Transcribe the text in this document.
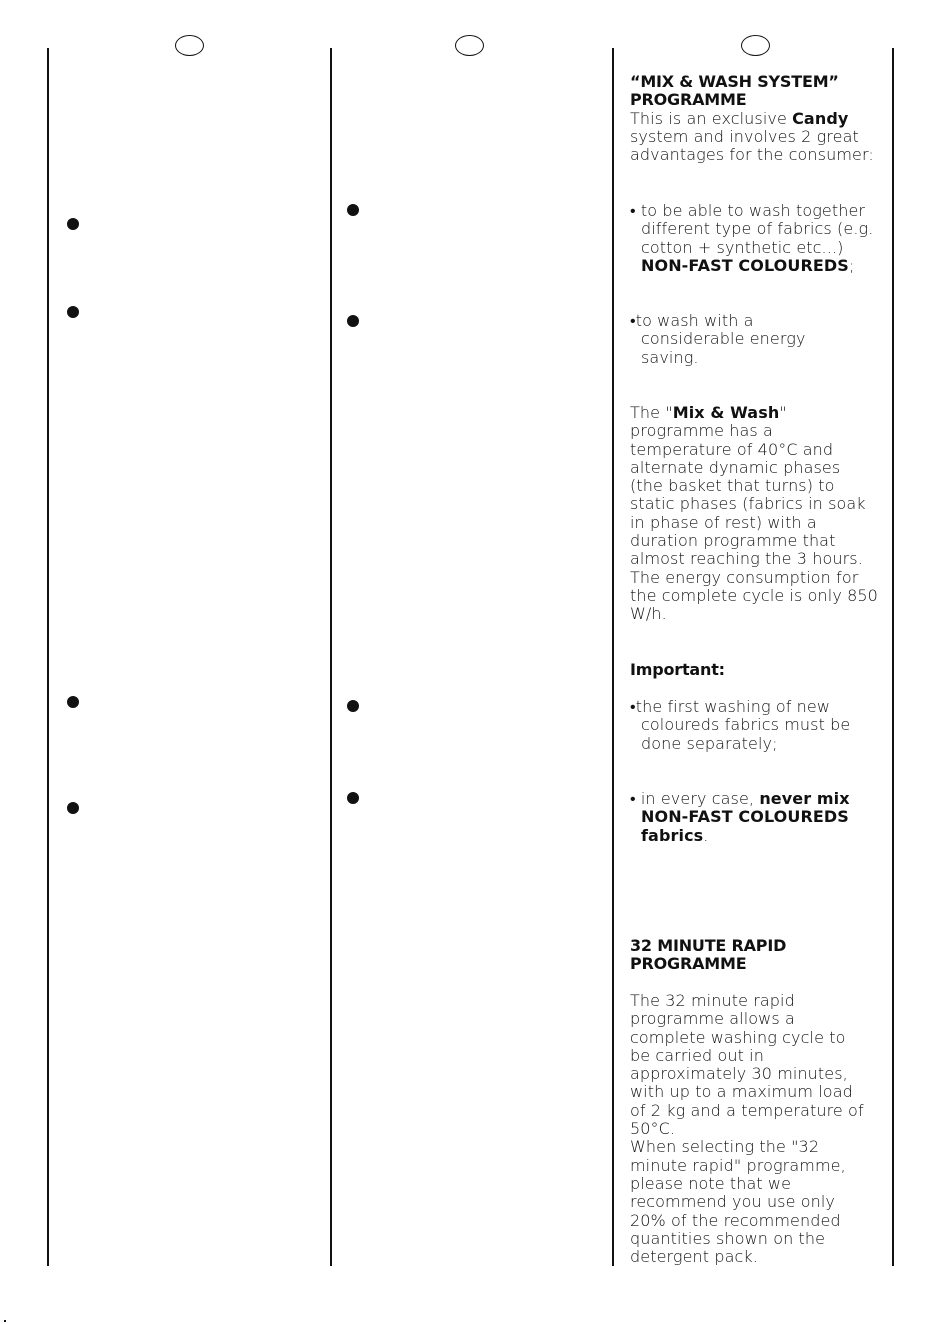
“MIX & WASH SYSTEM”

PROGRAMME

This is an exclusive Candy system and involves 2 great advantages for the consumer:

• to be able to wash together different type of fabrics (e.g. cotton + synthetic etc...) NON-FAST COLOUREDS;
•to wash with a considerable energy saving.
The "Mix & Wash" programme has a temperature of 40°C and alternate dynamic phases (the basket that turns) to static phases (fabrics in soak in phase of rest) with a duration programme that almost reaching the 3 hours. The energy consumption for the complete cycle is only 850 W/h.
Important:
•the first washing of new coloureds fabrics must be done separately;
• in every case, never mix NON-FAST COLOUREDS fabrics.

32 MINUTE RAPID

PROGRAMME

The 32 minute rapid programme allows a complete washing cycle to be carried out in approximately 30 minutes, with up to a maximum load of 2 kg and a temperature of 50°C.

When selecting the "32 minute rapid" programme, please note that we recommend you use only 20% of the recommended quantities shown on the detergent pack.
